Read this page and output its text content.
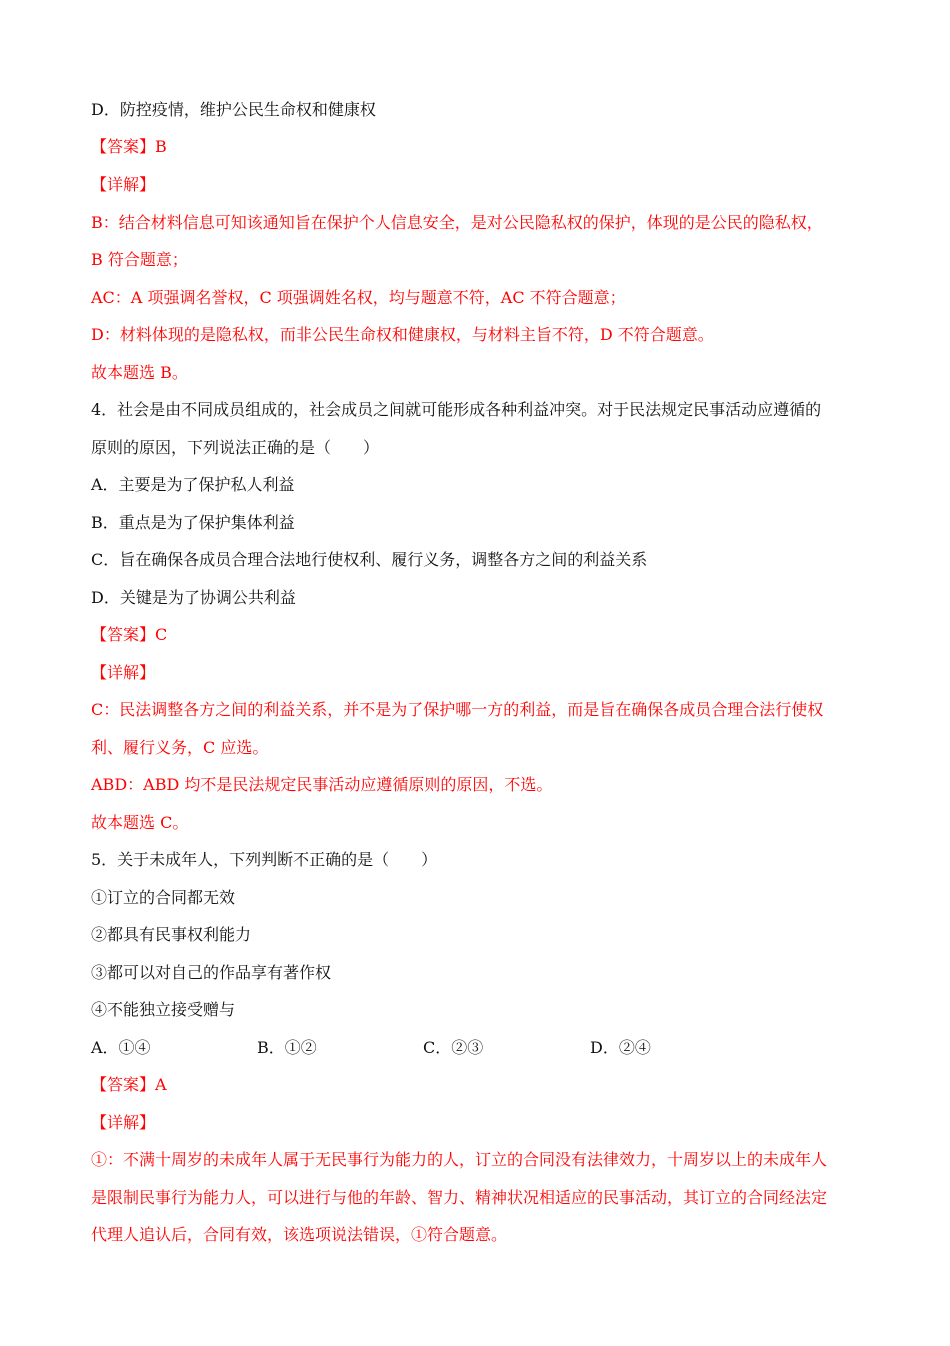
D．防控疫情，维护公民生命权和健康权
【答案】B
【详解】
B：结合材料信息可知该通知旨在保护个人信息安全，是对公民隐私权的保护，体现的是公民的隐私权，
B 符合题意；
AC：A 项强调名誉权，C 项强调姓名权，均与题意不符，AC 不符合题意；
D：材料体现的是隐私权，而非公民生命权和健康权，与材料主旨不符，D 不符合题意。
故本题选 B。
4．社会是由不同成员组成的，社会成员之间就可能形成各种利益冲突。对于民法规定民事活动应遵循的
原则的原因，下列说法正确的是（　　）
A．主要是为了保护私人利益
B．重点是为了保护集体利益
C．旨在确保各成员合理合法地行使权利、履行义务，调整各方之间的利益关系
D．关键是为了协调公共利益
【答案】C
【详解】
C：民法调整各方之间的利益关系，并不是为了保护哪一方的利益，而是旨在确保各成员合理合法行使权
利、履行义务，C 应选。
ABD：ABD 均不是民法规定民事活动应遵循原则的原因，不选。
故本题选 C。
5．关于未成年人，下列判断不正确的是（　　）
①订立的合同都无效
②都具有民事权利能力
③都可以对自己的作品享有著作权
④不能独立接受赠与
A．①④	B．①②	C．②③	D．②④
【答案】A
【详解】
①：不满十周岁的未成年人属于无民事行为能力的人，订立的合同没有法律效力，十周岁以上的未成年人
是限制民事行为能力人，可以进行与他的年龄、智力、精神状况相适应的民事活动，其订立的合同经法定
代理人追认后，合同有效，该选项说法错误，①符合题意。
